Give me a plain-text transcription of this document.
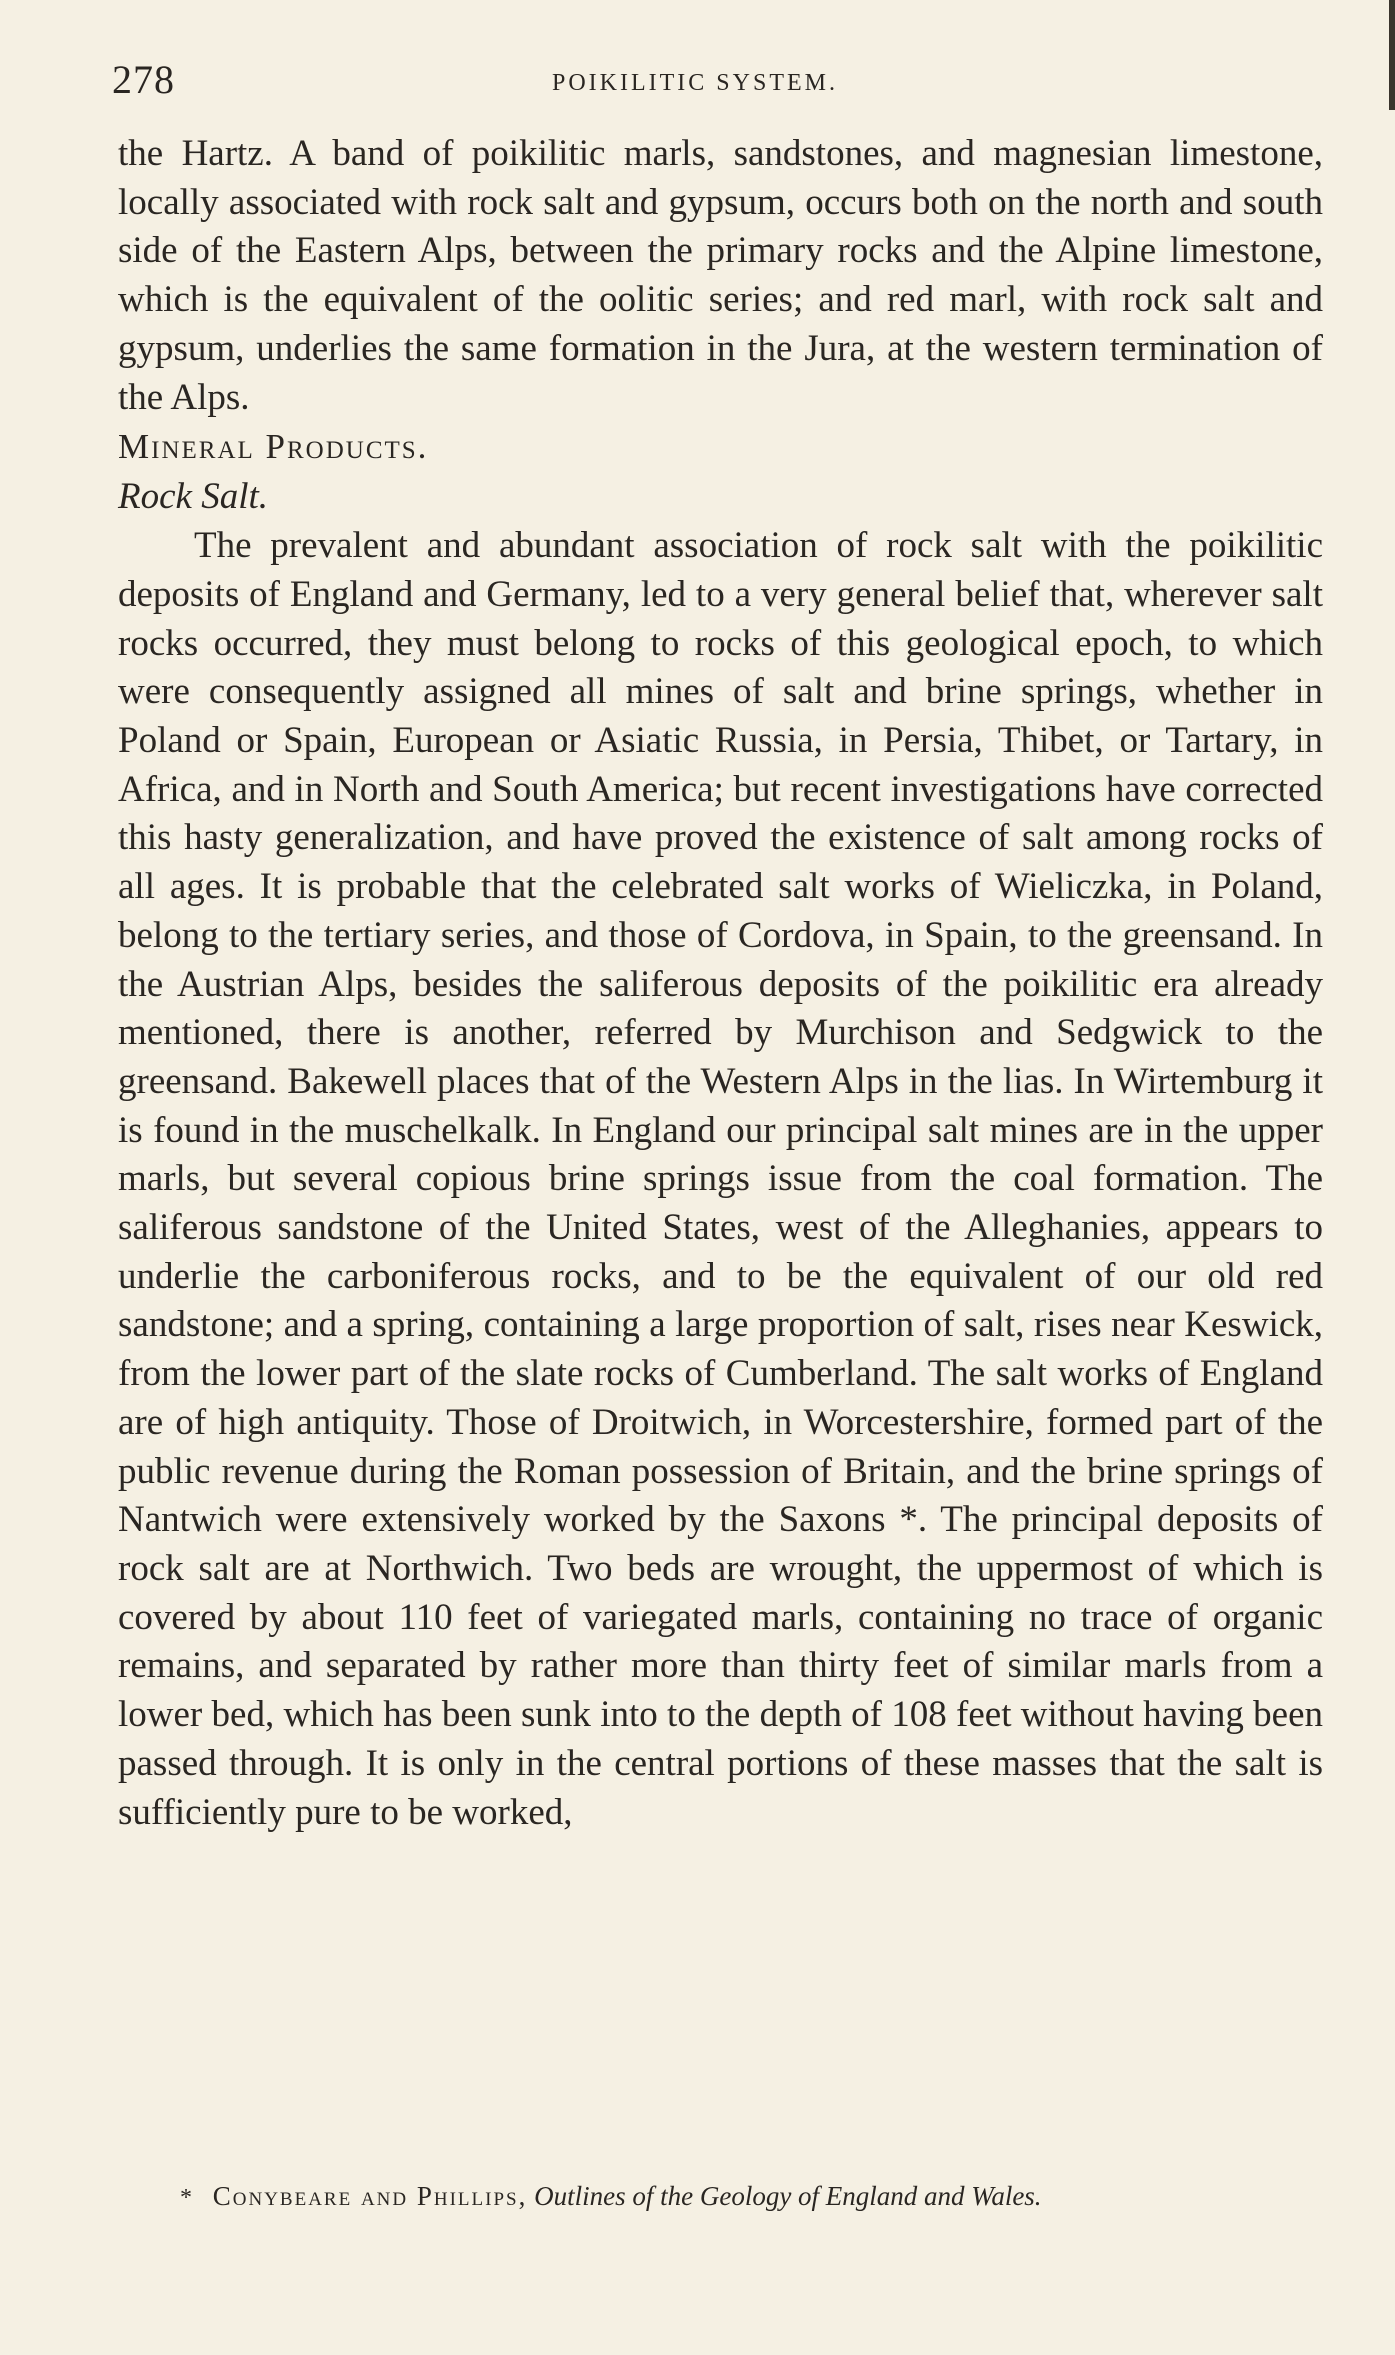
278	POIKILITIC SYSTEM.

the Hartz. A band of poikilitic marls, sandstones, and magnesian limestone, locally associated with rock salt and gypsum, occurs both on the north and south side of the Eastern Alps, between the primary rocks and the Alpine limestone, which is the equivalent of the oolitic series; and red marl, with rock salt and gypsum, underlies the same formation in the Jura, at the western termination of the Alps.

Mineral Products.

Rock Salt.

The prevalent and abundant association of rock salt with the poikilitic deposits of England and Germany, led to a very general belief that, wherever salt rocks occurred, they must belong to rocks of this geological epoch, to which were consequently assigned all mines of salt and brine springs, whether in Poland or Spain, European or Asiatic Russia, in Persia, Thibet, or Tartary, in Africa, and in North and South America; but recent investigations have corrected this hasty generalization, and have proved the existence of salt among rocks of all ages. It is probable that the celebrated salt works of Wieliczka, in Poland, belong to the tertiary series, and those of Cordova, in Spain, to the greensand. In the Austrian Alps, besides the saliferous deposits of the poikilitic era already mentioned, there is another, referred by Murchison and Sedgwick to the greensand. Bakewell places that of the Western Alps in the lias. In Wirtemburg it is found in the muschelkalk. In England our principal salt mines are in the upper marls, but several copious brine springs issue from the coal formation. The saliferous sandstone of the United States, west of the Alleghanies, appears to underlie the carboniferous rocks, and to be the equivalent of our old red sandstone; and a spring, containing a large proportion of salt, rises near Keswick, from the lower part of the slate rocks of Cumberland. The salt works of England are of high antiquity. Those of Droitwich, in Worcestershire, formed part of the public revenue during the Roman possession of Britain, and the brine springs of Nantwich were extensively worked by the Saxons *. The principal deposits of rock salt are at Northwich. Two beds are wrought, the uppermost of which is covered by about 110 feet of variegated marls, containing no trace of organic remains, and separated by rather more than thirty feet of similar marls from a lower bed, which has been sunk into to the depth of 108 feet without having been passed through. It is only in the central portions of these masses that the salt is sufficiently pure to be worked,

* Conybeare and Phillips, Outlines of the Geology of England and Wales.
